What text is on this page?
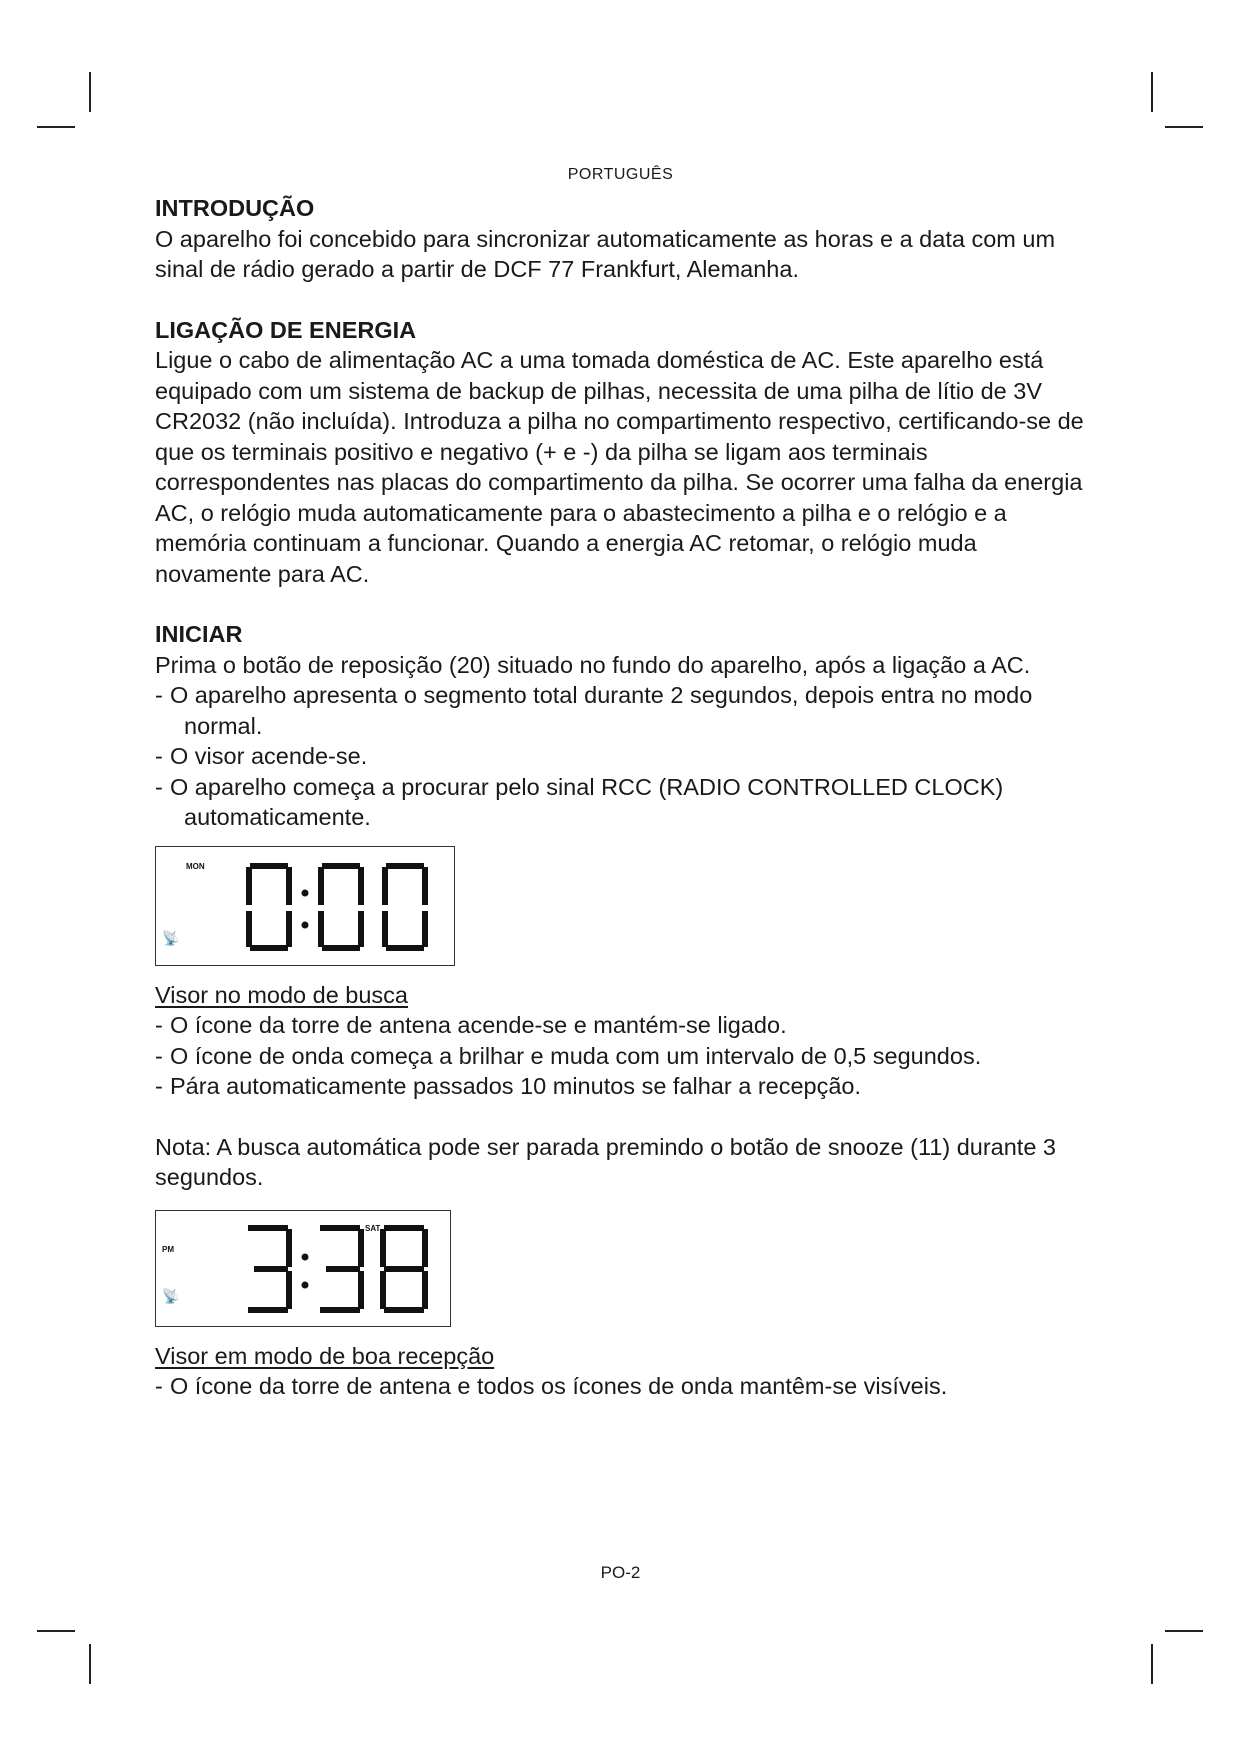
PORTUGUÊS
INTRODUÇÃO

O aparelho foi concebido para sincronizar automaticamente as horas e a data com um sinal de rádio gerado a partir de DCF 77 Frankfurt, Alemanha.

LIGAÇÃO DE ENERGIA

Ligue o cabo de alimentação AC a uma tomada doméstica de AC. Este aparelho está equipado com um sistema de backup de pilhas, necessita de uma pilha de lítio de 3V CR2032 (não incluída). Introduza a pilha no compartimento respectivo, certificando-se de que os terminais positivo e negativo (+ e -) da pilha se ligam aos terminais correspondentes nas placas do compartimento da pilha. Se ocorrer uma falha da energia AC, o relógio muda automaticamente para o abastecimento a pilha e o relógio e a memória continuam a funcionar. Quando a energia AC retomar, o relógio muda novamente para AC.

INICIAR

Prima o botão de reposição (20) situado no fundo do aparelho, após a ligação a AC.

- O aparelho apresenta o segmento total durante 2 segundos, depois entra no modo normal.
- O visor acende-se.
- O aparelho começa a procurar pelo sinal RCC (RADIO CONTROLLED CLOCK) automaticamente.
MON
📡

Visor no modo de busca

- O ícone da torre de antena acende-se e mantém-se ligado.
- O ícone de onda começa a brilhar e muda com um intervalo de 0,5 segundos.
- Pára automaticamente passados 10 minutos se falhar a recepção.

Nota: A busca automática pode ser parada premindo o botão de snooze (11) durante 3 segundos.

SAT
PM
📡

Visor em modo de boa recepção

- O ícone da torre de antena e todos os ícones de onda mantêm-se visíveis.
PO-2
